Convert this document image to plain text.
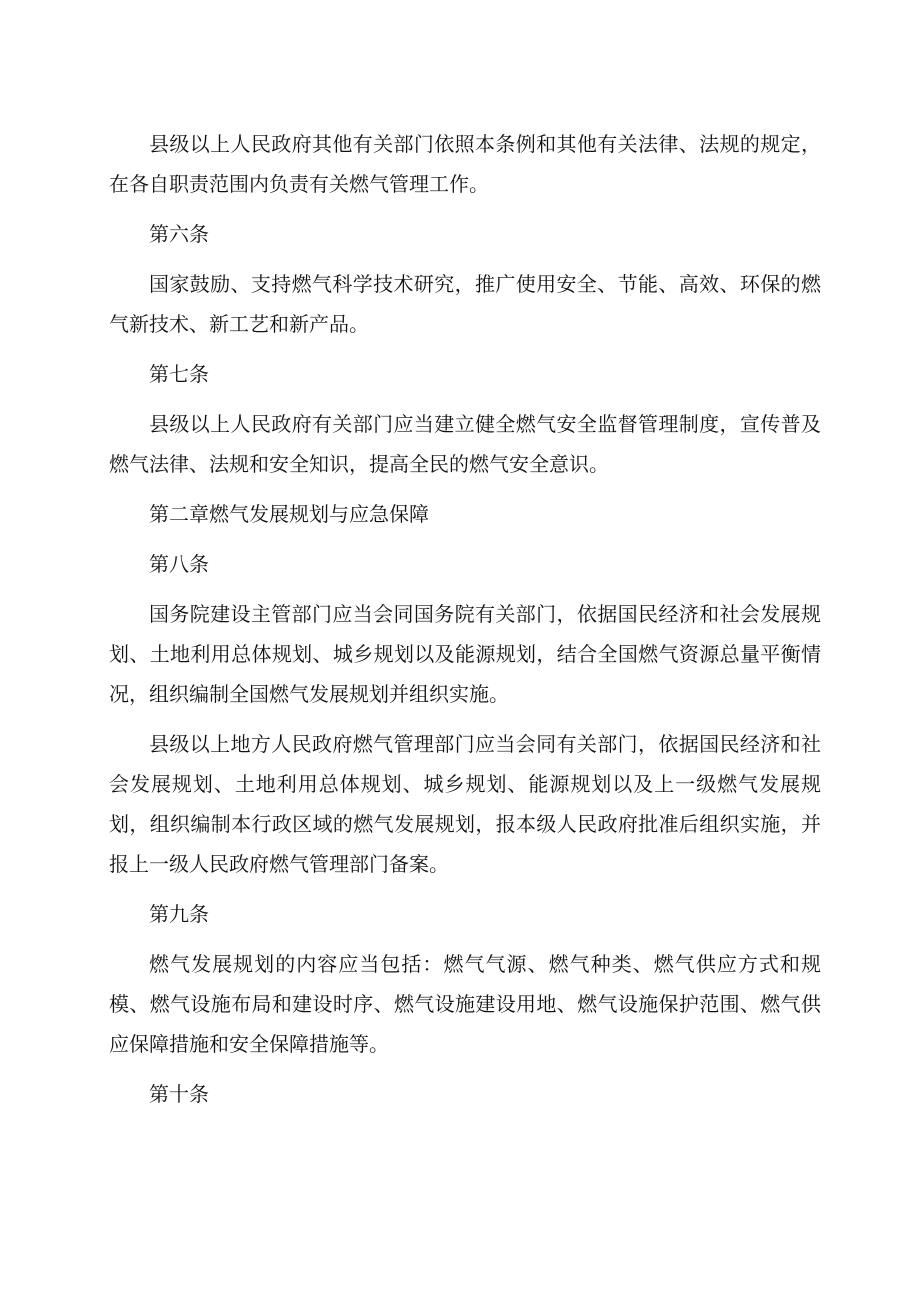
县级以上人民政府其他有关部门依照本条例和其他有关法律、法规的规定，在各自职责范围内负责有关燃气管理工作。

第六条

国家鼓励、支持燃气科学技术研究，推广使用安全、节能、高效、环保的燃气新技术、新工艺和新产品。

第七条

县级以上人民政府有关部门应当建立健全燃气安全监督管理制度，宣传普及燃气法律、法规和安全知识，提高全民的燃气安全意识。

第二章燃气发展规划与应急保障

第八条

国务院建设主管部门应当会同国务院有关部门，依据国民经济和社会发展规划、土地利用总体规划、城乡规划以及能源规划，结合全国燃气资源总量平衡情况，组织编制全国燃气发展规划并组织实施。

县级以上地方人民政府燃气管理部门应当会同有关部门，依据国民经济和社会发展规划、土地利用总体规划、城乡规划、能源规划以及上一级燃气发展规划，组织编制本行政区域的燃气发展规划，报本级人民政府批准后组织实施，并报上一级人民政府燃气管理部门备案。

第九条

燃气发展规划的内容应当包括：燃气气源、燃气种类、燃气供应方式和规模、燃气设施布局和建设时序、燃气设施建设用地、燃气设施保护范围、燃气供应保障措施和安全保障措施等。

第十条
